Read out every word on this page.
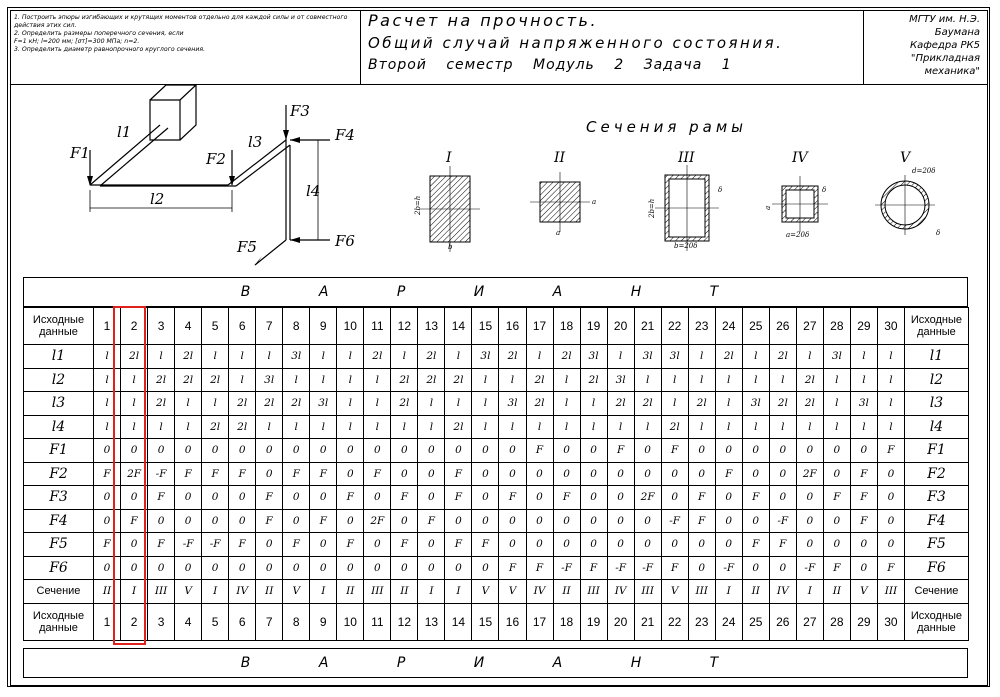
1. Построить эпюры изгибающих и крутящих моментов отдельно для каждой силы и от совместного
действия этих сил.
2. Определить размеры поперечного сечения, если
F=1 кН; l=200 мм; [σт]=300 МПа; n=2.
3. Определить диаметр равнопрочного круглого сечения.
Расчет на прочность.
Общий случай напряженного состояния.
Второй семестр Модуль 2 Задача 1
МГТУ им. Н.Э. Баумана
Кафедра РК5
"Прикладная механика"
F1	F2
F3
F4
F5	F6
l1
l2
l3
l4
Сечения рамы
2b=h
b
a
a
2b=h
δ
b=20δ
a
δ
a=20δ
d=20δ
δ
I	II	III	IV	V
В А Р И А Н Т
Исходные данные	1	2	3	4	5	6	7	8	9	10	11	12	13	14	15	16	17	18	19	20	21	22	23	24	25	26	27	28	29	30	Исходные данные
l1	l	2l	l	2l	l	l	l	3l	l	l	2l	l	2l	l	3l	2l	l	2l	3l	l	3l	3l	l	2l	l	2l	l	3l	l	l	l1
l2	l	l	2l	2l	2l	l	3l	l	l	l	l	2l	2l	2l	l	l	2l	l	2l	3l	l	l	l	l	l	l	2l	l	l	l	l2
l3	l	l	2l	l	l	2l	2l	2l	3l	l	l	2l	l	l	l	3l	2l	l	l	2l	2l	l	2l	l	3l	2l	2l	l	3l	l	l3
l4	l	l	l	l	2l	2l	l	l	l	l	l	l	l	2l	l	l	l	l	l	l	l	2l	l	l	l	l	l	l	l	l	l4
F1	0	0	0	0	0	0	0	0	0	0	0	0	0	0	0	0	F	0	0	F	0	F	0	0	0	0	0	0	0	F	F1
F2	F	2F	-F	F	F	F	0	F	F	0	F	0	0	F	0	0	0	0	0	0	0	0	0	F	0	0	2F	0	F	0	F2
F3	0	0	F	0	0	0	F	0	0	F	0	F	0	F	0	F	0	F	0	0	2F	0	F	0	F	0	0	F	F	0	F3
F4	0	F	0	0	0	0	F	0	F	0	2F	0	F	0	0	0	0	0	0	0	0	-F	F	0	0	-F	0	0	F	0	F4
F5	F	0	F	-F	-F	F	0	F	0	F	0	F	0	F	F	0	0	0	0	0	0	0	0	0	F	F	0	0	0	0	F5
F6	0	0	0	0	0	0	0	0	0	0	0	0	0	0	0	F	F	-F	F	-F	-F	F	0	-F	0	0	-F	F	0	F	F6
Сечение	II	I	III	V	I	IV	II	V	I	II	III	II	I	I	V	V	IV	II	III	IV	III	V	III	I	II	IV	I	II	V	III	Сечение
Исходные данные	1	2	3	4	5	6	7	8	9	10	11	12	13	14	15	16	17	18	19	20	21	22	23	24	25	26	27	28	29	30	Исходные данные
В А Р И А Н Т
